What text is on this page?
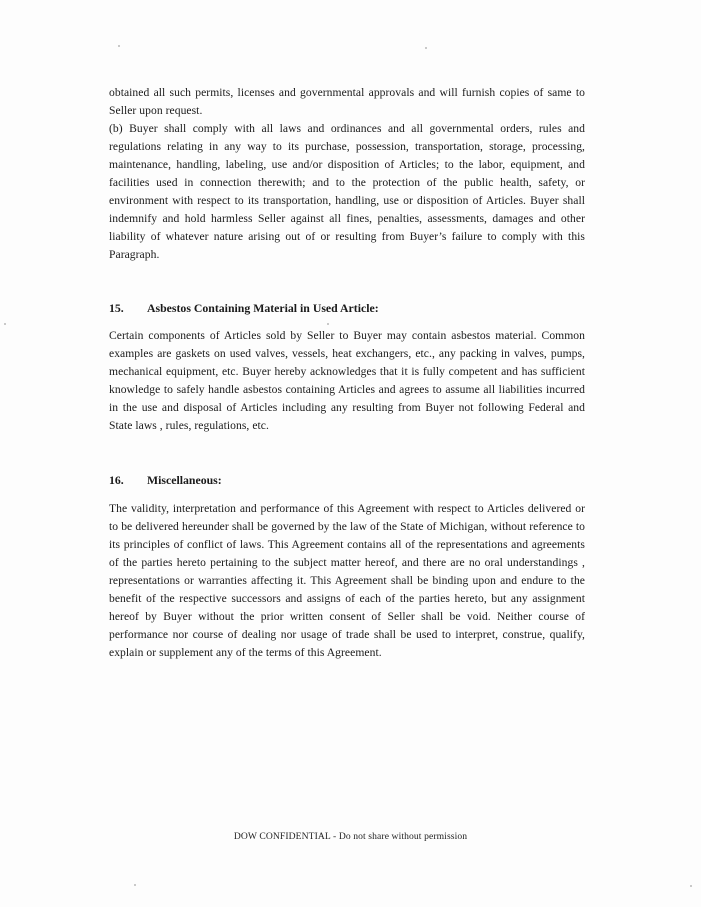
obtained all such permits, licenses and governmental approvals and will furnish copies of same to Seller upon request.

(b) Buyer shall comply with all laws and ordinances and all governmental orders, rules and regulations relating in any way to its purchase, possession, transportation, storage, processing, maintenance, handling, labeling, use and/or disposition of Articles; to the labor, equipment, and facilities used in connection therewith; and to the protection of the public health, safety, or environment with respect to its transportation, handling, use or disposition of Articles. Buyer shall indemnify and hold harmless Seller against all fines, penalties, assessments, damages and other liability of whatever nature arising out of or resulting from Buyer’s failure to comply with this Paragraph.

15. Asbestos Containing Material in Used Article:

Certain components of Articles sold by Seller to Buyer may contain asbestos material. Common examples are gaskets on used valves, vessels, heat exchangers, etc., any packing in valves, pumps, mechanical equipment, etc. Buyer hereby acknowledges that it is fully competent and has sufficient knowledge to safely handle asbestos containing Articles and agrees to assume all liabilities incurred in the use and disposal of Articles including any resulting from Buyer not following Federal and State laws , rules, regulations, etc.

16. Miscellaneous:

The validity, interpretation and performance of this Agreement with respect to Articles delivered or to be delivered hereunder shall be governed by the law of the State of Michigan, without reference to its principles of conflict of laws. This Agreement contains all of the representations and agreements of the parties hereto pertaining to the subject matter hereof, and there are no oral understandings , representations or warranties affecting it. This Agreement shall be binding upon and endure to the benefit of the respective successors and assigns of each of the parties hereto, but any assignment hereof by Buyer without the prior written consent of Seller shall be void. Neither course of performance nor course of dealing nor usage of trade shall be used to interpret, construe, qualify, explain or supplement any of the terms of this Agreement.

DOW CONFIDENTIAL - Do not share without permission
